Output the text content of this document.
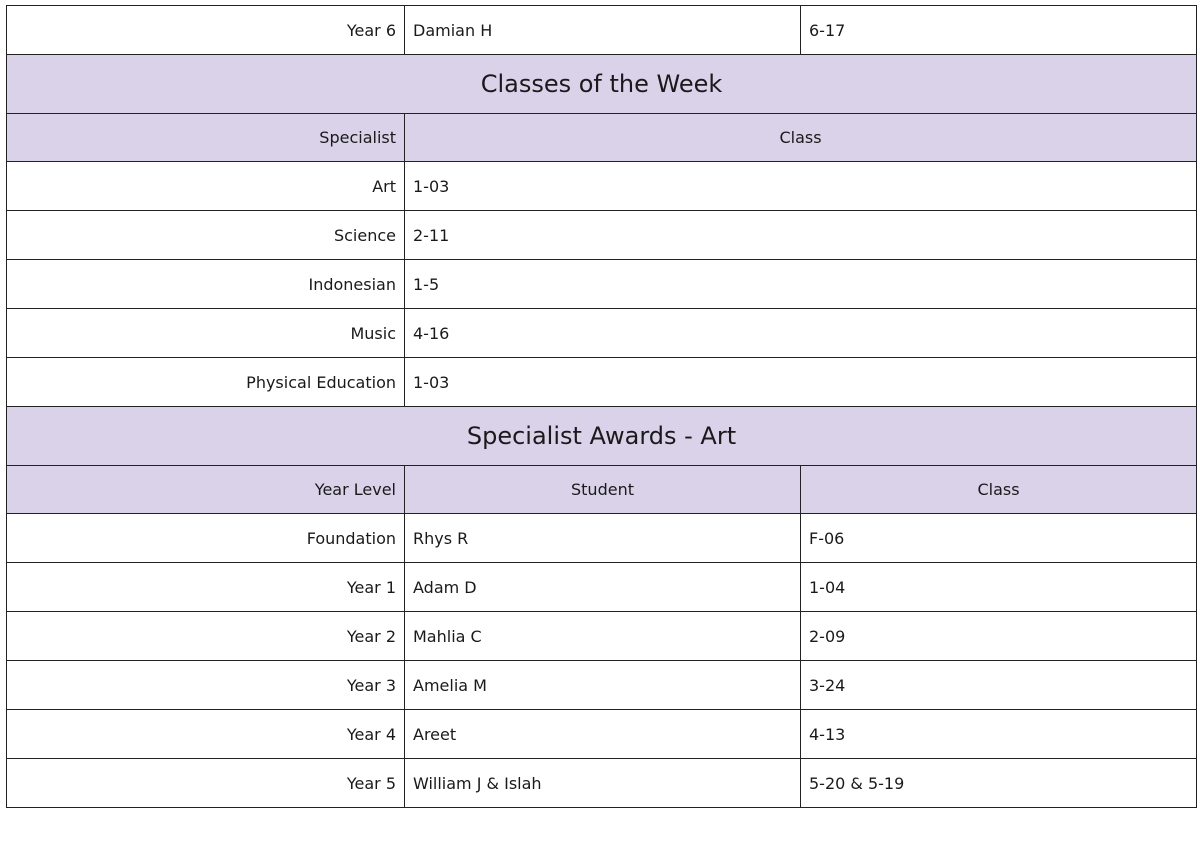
Year 6	Damian H	6-17
Classes of the Week		
Specialist	Class	
Art	1-03	
Science	2-11	
Indonesian	1-5	
Music	4-16	
Physical Education	1-03	
Specialist Awards - Art		
Year Level	Student	Class
Foundation	Rhys R	F-06
Year 1	Adam D	1-04
Year 2	Mahlia C	2-09
Year 3	Amelia M	3-24
Year 4	Areet	4-13
Year 5	William J & Islah	5-20 & 5-19
